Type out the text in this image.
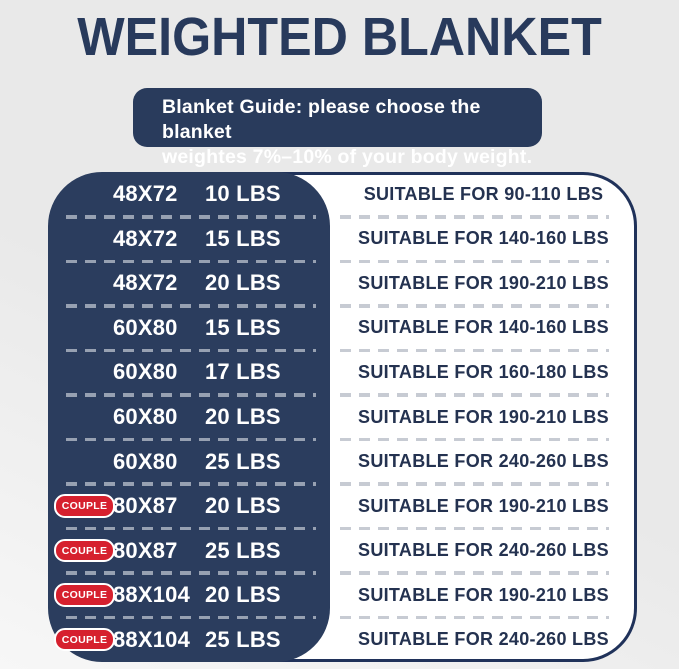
WEIGHTED BLANKET
Blanket Guide: please choose the blanket
weightes 7%–10% of your body weight.
48X72	10 LBS	SUITABLE FOR 90-110 LBS
48X72	15 LBS	SUITABLE FOR 140-160 LBS
48X72	20 LBS	SUITABLE FOR 190-210 LBS
60X80	15 LBS	SUITABLE FOR 140-160 LBS
60X80	17 LBS	SUITABLE FOR 160-180 LBS
60X80	20 LBS	SUITABLE FOR 190-210 LBS
60X80	25 LBS	SUITABLE FOR 240-260 LBS
COUPLE 80X87	20 LBS	SUITABLE FOR 190-210 LBS
COUPLE 80X87	25 LBS	SUITABLE FOR 240-260 LBS
COUPLE 88X104 20 LBS	SUITABLE FOR 190-210 LBS
COUPLE 88X104 25 LBS	SUITABLE FOR 240-260 LBS
